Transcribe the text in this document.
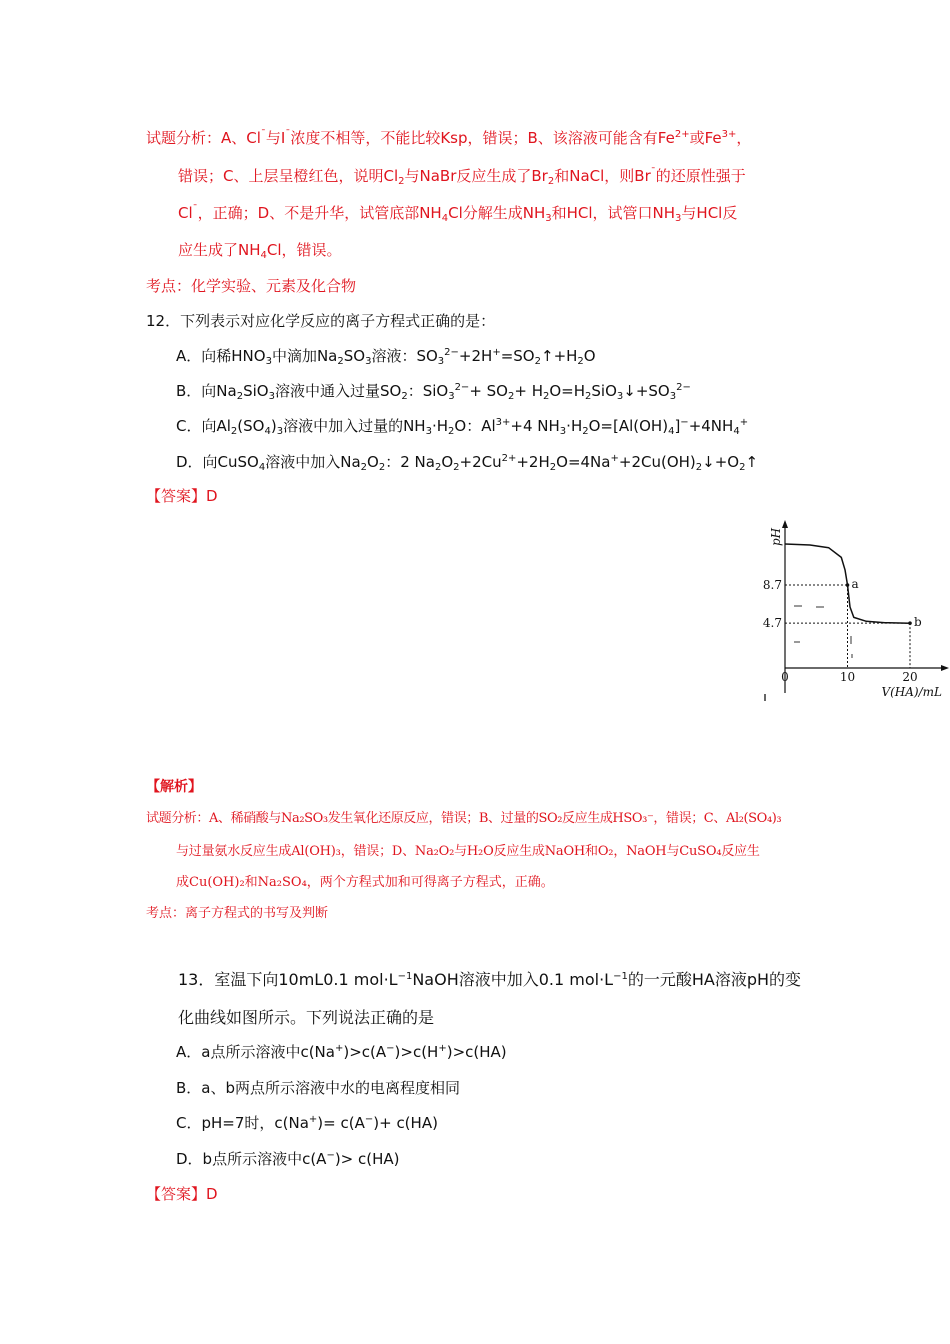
试题分析：A、Cl¯与I¯浓度不相等，不能比较Ksp，错误；B、该溶液可能含有$Fe^{2+}$或$Fe^{3+}$，
错误；C、上层呈橙红色，说明$Cl_2$与NaBr反应生成了$Br_2$和NaCl，则Br¯的还原性强于
Cl¯，正确；D、不是升华，试管底部$NH_4Cl$分解生成$NH_3$和HCl，试管口$NH_3$与HCl反
应生成了$NH_4Cl$，错误。
考点：化学实验、元素及化合物
12．下列表示对应化学反应的离子方程式正确的是：
A．向稀$HNO_3$中滴加$Na_2SO_3$溶液：$SO_3^{2-}+2H^+=SO_2↑+H_2O$
B．向$Na_2SiO_3$溶液中通入过量$SO_2$：$SiO_3^{2-}+ SO_2+$ $H_2O=H_2SiO_3↓+SO_3^{2-}$
C．向$Al_2(SO_4)_3$溶液中加入过量的$NH_3\cdot H_2O$：$Al^{3+}+4$ $NH_3\cdot H_2O=[Al(OH)_4]^-+4NH_4^+$
D．向CuSO$_4$溶液中加入$Na_2O_2$：2 $Na_2O_2+2Cu^{2+}+2H_2O=4Na^++2Cu(OH)_2↓+O_2↑$
【答案】D
a
b
8.7
4.7
0	10	20
pH
V(HA)/mL
【解析】
试题分析：A、稀硝酸与Na₂SO₃发生氧化还原反应，错误；B、过量的SO₂反应生成HSO₃⁻，错误；C、Al₂(SO₄)₃
与过量氨水反应生成Al(OH)₃，错误；D、Na₂O₂与H₂O反应生成NaOH和O₂，NaOH与CuSO₄反应生
成Cu(OH)₂和Na₂SO₄，两个方程式加和可得离子方程式，正确。
考点：离子方程式的书写及判断
13．室温下向10mL0.1 $mol\cdot L^{-1}NaOH$溶液中加入0.1 $mol\cdot L^{-1}$的一元酸HA溶液pH的变
化曲线如图所示。下列说法正确的是
A．a点所示溶液中c(Na+)>c(A−)>c(H+)>c(HA)
B．a、b两点所示溶液中水的电离程度相同
C．pH=7时，c(Na+)= c(A−)+ c(HA)
D．b点所示溶液中c(A−)> c(HA)
【答案】D
